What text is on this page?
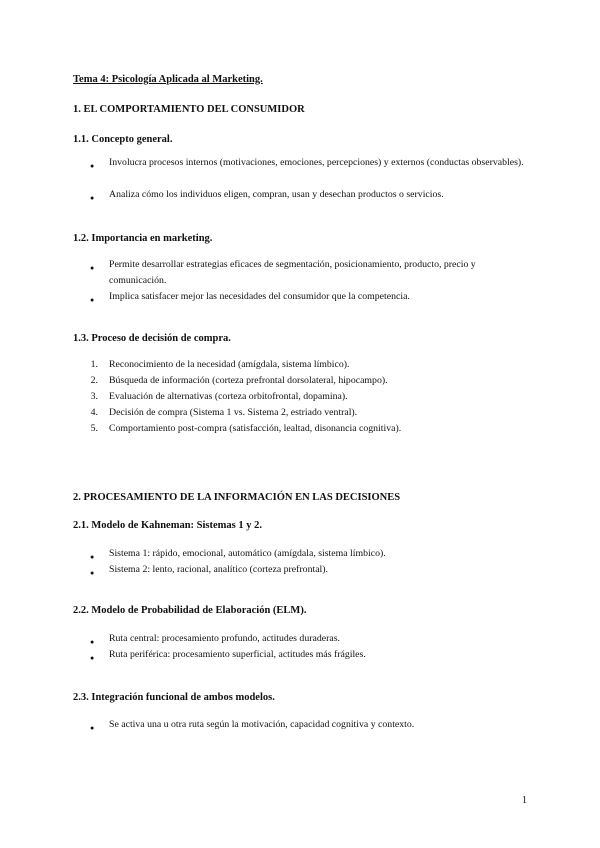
Tema 4: Psicología Aplicada al Marketing.
1. EL COMPORTAMIENTO DEL CONSUMIDOR
1.1. Concepto general.
● Involucra procesos internos (motivaciones, emociones, percepciones) y externos (conductas observables).
● Analiza cómo los individuos eligen, compran, usan y desechan productos o servicios.
1.2. Importancia en marketing.
● Permite desarrollar estrategias eficaces de segmentación, posicionamiento, producto, precio y comunicación.
● Implica satisfacer mejor las necesidades del consumidor que la competencia.
1.3. Proceso de decisión de compra.
1. Reconocimiento de la necesidad (amígdala, sistema límbico).
2. Búsqueda de información (corteza prefrontal dorsolateral, hipocampo).
3. Evaluación de alternativas (corteza orbitofrontal, dopamina).
4. Decisión de compra (Sistema 1 vs. Sistema 2, estriado ventral).
5. Comportamiento post-compra (satisfacción, lealtad, disonancia cognitiva).
2. PROCESAMIENTO DE LA INFORMACIÓN EN LAS DECISIONES
2.1. Modelo de Kahneman: Sistemas 1 y 2.
● Sistema 1: rápido, emocional, automático (amígdala, sistema límbico).
● Sistema 2: lento, racional, analítico (corteza prefrontal).
2.2. Modelo de Probabilidad de Elaboración (ELM).
● Ruta central: procesamiento profundo, actitudes duraderas.
● Ruta periférica: procesamiento superficial, actitudes más frágiles.
2.3. Integración funcional de ambos modelos.
● Se activa una u otra ruta según la motivación, capacidad cognitiva y contexto.
1
